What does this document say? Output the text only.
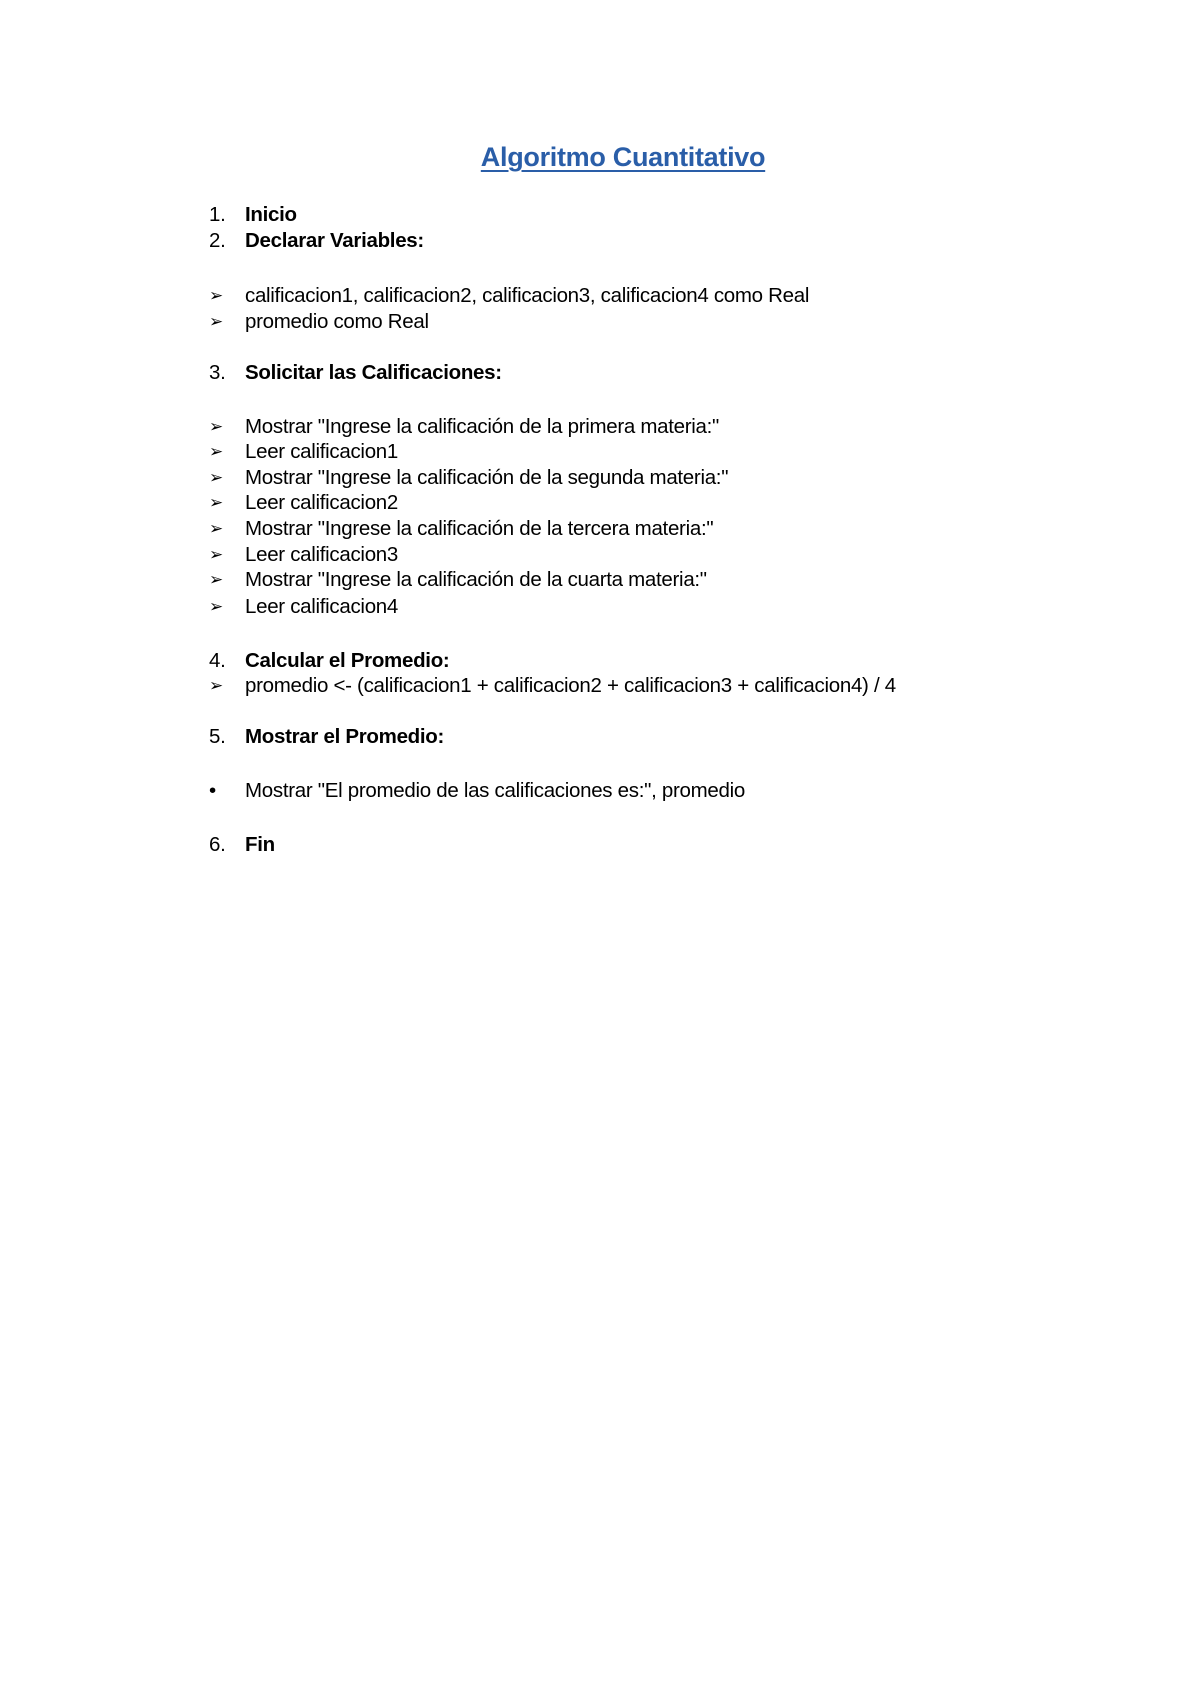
Algoritmo Cuantitativo
1. Inicio
2. Declarar Variables:
➢	calificacion1, calificacion2, calificacion3, calificacion4 como Real
➢	promedio como Real
3. Solicitar las Calificaciones:
➢	Mostrar "Ingrese la calificación de la primera materia:"
➢	Leer calificacion1
➢	Mostrar "Ingrese la calificación de la segunda materia:"
➢	Leer calificacion2
➢	Mostrar "Ingrese la calificación de la tercera materia:"
➢	Leer calificacion3
➢	Mostrar "Ingrese la calificación de la cuarta materia:"
➢	Leer calificacion4
4. Calcular el Promedio:
➢	promedio <- (calificacion1 + calificacion2 + calificacion3 + calificacion4) / 4
5. Mostrar el Promedio:
•	Mostrar "El promedio de las calificaciones es:", promedio
6. Fin
